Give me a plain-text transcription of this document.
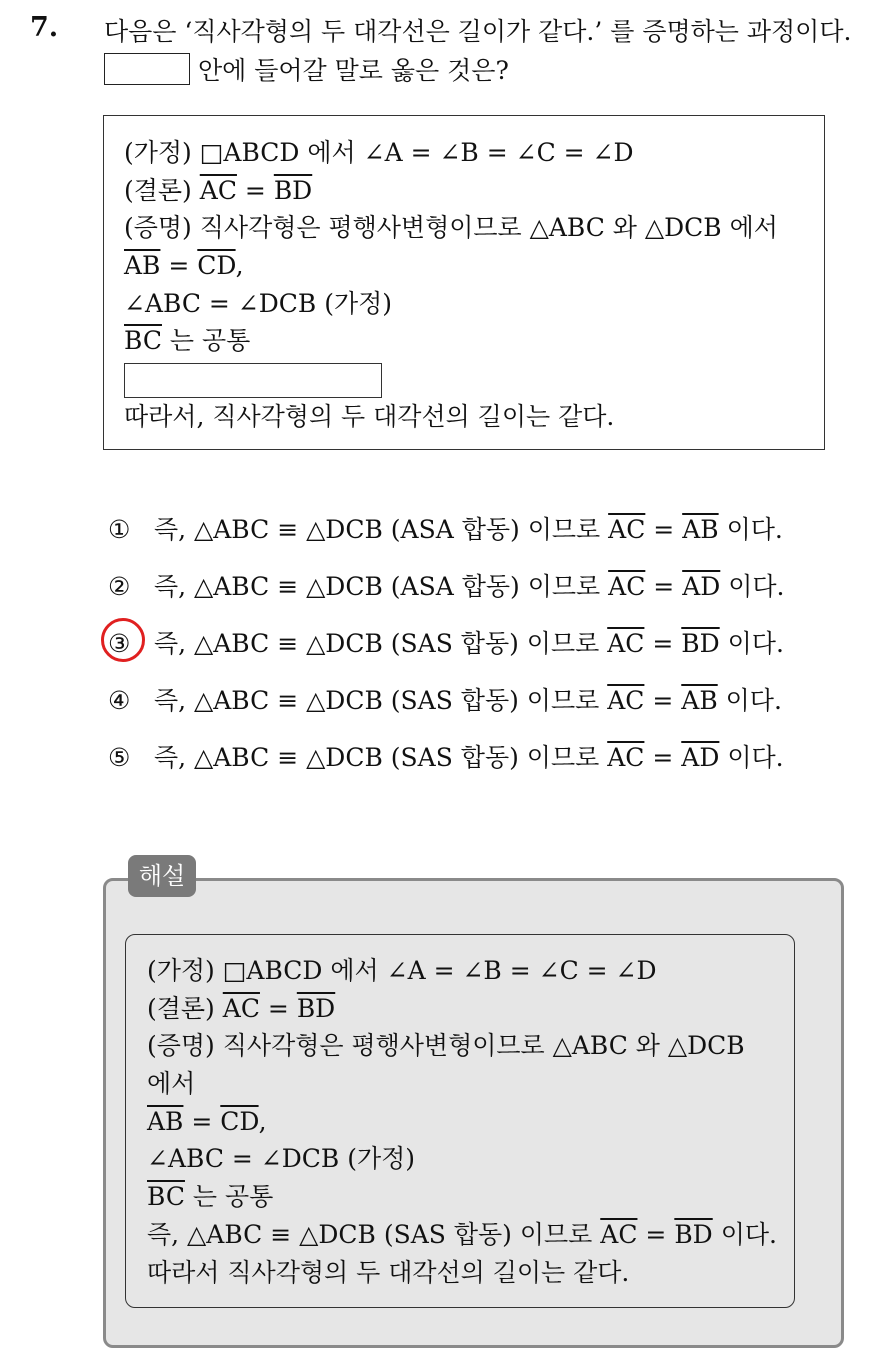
7. 다음은 ‘직사각형의 두 대각선은 길이가 같다.’ 를 증명하는 과정이다.
안에 들어갈 말로 옳은 것은?
(가정) □ABCD 에서 ∠A = ∠B = ∠C = ∠D
(결론) $\overline{AC} = \overline{BD}$
(증명) 직사각형은 평행사변형이므로 △ABC 와 △DCB 에서
$\overline{AB} = \overline{CD}$,
∠ABC = ∠DCB (가정)
$\overline{BC}$ 는 공통
따라서, 직사각형의 두 대각선의 길이는 같다.
① 즉, △ABC ≡ △DCB (ASA 합동) 이므로 $\overline{AC} = \overline{AB}$ 이다.
② 즉, △ABC ≡ △DCB (ASA 합동) 이므로 $\overline{AC} = \overline{AD}$ 이다.
③ 즉, △ABC ≡ △DCB (SAS 합동) 이므로 $\overline{AC} = \overline{BD}$ 이다.
④ 즉, △ABC ≡ △DCB (SAS 합동) 이므로 $\overline{AC} = \overline{AB}$ 이다.
⑤ 즉, △ABC ≡ △DCB (SAS 합동) 이므로 $\overline{AC} = \overline{AD}$ 이다.
해설
(가정) □ABCD 에서 ∠A = ∠B = ∠C = ∠D
(결론) $\overline{AC} = \overline{BD}$
(증명) 직사각형은 평행사변형이므로 △ABC 와 △DCB
에서
$\overline{AB} = \overline{CD}$,
∠ABC = ∠DCB (가정)
$\overline{BC}$ 는 공통
즉, △ABC ≡ △DCB (SAS 합동) 이므로 $\overline{AC} = \overline{BD}$ 이다.
따라서 직사각형의 두 대각선의 길이는 같다.
